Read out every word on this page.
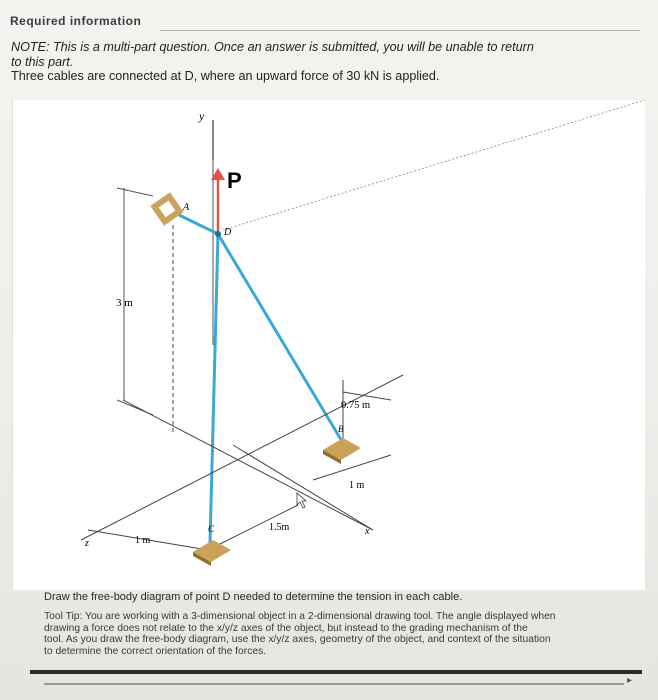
Required information
NOTE: This is a multi-part question. Once an answer is submitted, you will be unable to return
to this part.
Three cables are connected at D, where an upward force of 30 kN is applied.
y
3 m
A
P
D
0.75 m
B
C
1 m
1.5m
1 m
z
x
Draw the free-body diagram of point D needed to determine the tension in each cable.
Tool Tip: You are working with a 3-dimensional object in a 2-dimensional drawing tool. The angle displayed when
drawing a force does not relate to the x/y/z axes of the object, but instead to the grading mechanism of the
tool. As you draw the free-body diagram, use the x/y/z axes, geometry of the object, and context of the situation
to determine the correct orientation of the forces.
▸
